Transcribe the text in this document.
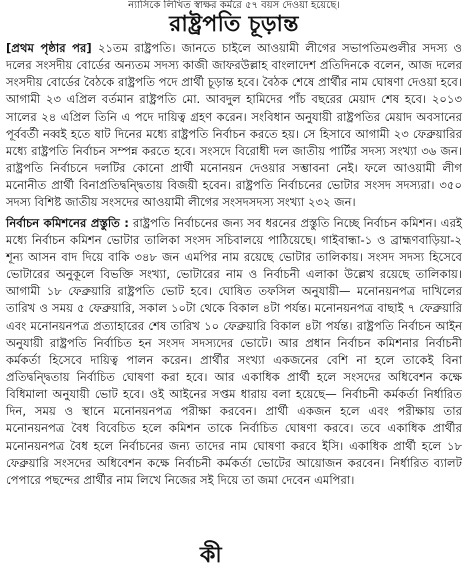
ন্যাসিকে লিখিত স্বাক্ষর কর্মরে ৫৭ বয়স দেওয়া হয়েছে।
রাষ্ট্রপতি চূড়ান্ত

[প্রথম পৃষ্ঠার পর] ২১তম রাষ্ট্রপতি। জানতে চাইলে আওয়ামী লীগের সভাপতিমণ্ডলীর সদস্য ও দলের সংসদীয় বোর্ডের অন্যতম সদস্য কাজী জাফরউল্লাহ বাংলাদেশ প্রতিদিনকে বলেন, আজ দলের সংসদীয় বোর্ডের বৈঠকে রাষ্ট্রপতি পদে প্রার্থী চূড়ান্ত হবে। বৈঠক শেষে প্রার্থীর নাম ঘোষণা দেওয়া হবে। আগামী ২৩ এপ্রিল বর্তমান রাষ্ট্রপতি মো. আবদুল হামিদের পাঁচ বছরের মেয়াদ শেষ হবে। ২০১৩ সালের ২৪ এপ্রিল তিনি এ পদে দায়িত্ব গ্রহণ করেন। সংবিধান অনুযায়ী রাষ্ট্রপতির মেয়াদ অবসানের পূর্ববর্তী নব্বই হতে ষাট দিনের মধ্যে রাষ্ট্রপতি নির্বাচন করতে হয়। সে হিসাবে আগামী ২৩ ফেব্রুয়ারির মধ্যে রাষ্ট্রপতি নির্বাচন সম্পন্ন করতে হবে। সংসদে বিরোধী দল জাতীয় পার্টির সদস্য সংখ্যা ৩৬ জন। রাষ্ট্রপতি নির্বাচনে দলটির কোনো প্রার্থী মনোনয়ন দেওয়ার সম্ভাবনা নেই। ফলে আওয়ামী লীগ মনোনীত প্রার্থী বিনাপ্রতিদ্বন্দ্বিতায় বিজয়ী হবেন। রাষ্ট্রপতি নির্বাচনের ভোটার সংসদ সদস্যরা। ৩৫০ সদস্য বিশিষ্ট জাতীয় সংসদের আওয়ামী লীগের সংসদসদস্য সংখ্যা ২৩২ জন।

নির্বাচন কমিশনের প্রস্তুতি : রাষ্ট্রপতি নির্বাচনের জন্য সব ধরনের প্রস্তুতি নিচ্ছে নির্বাচন কমিশন। এরই মধ্যে নির্বাচন কমিশন ভোটার তালিকা সংসদ সচিবালয়ে পাঠিয়েছে। গাইবান্ধা-১ ও ব্রাহ্মণবাড়িয়া-২ শূন্য আসন বাদ দিয়ে বাকি ৩৪৮ জন এমপির নাম রয়েছে ভোটার তালিকায়। সংসদ সদস্য হিসেবে ভোটারের অনুকূলে বিভক্তি সংখ্যা, ভোটারের নাম ও নির্বাচনী এলাকা উল্লেখ রয়েছে তালিকায়। আগামী ১৮ ফেব্রুয়ারি রাষ্ট্রপতি ভোট হবে। ঘোষিত তফসিল অনুযায়ী— মনোনয়নপত্র দাখিলের তারিখ ও সময় ৫ ফেব্রুয়ারি, সকাল ১০টা থেকে বিকাল ৪টা পর্যন্ত। মনোনয়নপত্র বাছাই ৭ ফেব্রুয়ারি এবং মনোনয়নপত্র প্রত্যাহারের শেষ তারিখ ১০ ফেব্রুয়ারি বিকাল ৪টা পর্যন্ত। রাষ্ট্রপতি নির্বাচন আইন অনুযায়ী রাষ্ট্রপতি নির্বাচিত হন সংসদ সদস্যদের ভোটে। আর প্রধান নির্বাচন কমিশনার নির্বাচনী কর্মকর্তা হিসেবে দায়িত্ব পালন করেন। প্রার্থীর সংখ্যা একজনের বেশি না হলে তাকেই বিনা প্রতিদ্বন্দ্বিতায় নির্বাচিত ঘোষণা করা হবে। আর একাধিক প্রার্থী হলে সংসদের অধিবেশন কক্ষে বিধিমালা অনুযায়ী ভোট হবে। ওই আইনের সপ্তম ধারায় বলা হয়েছে— নির্বাচনী কর্মকর্তা নির্ধারিত দিন, সময় ও স্থানে মনোনয়নপত্র পরীক্ষা করবেন। প্রার্থী একজন হলে এবং পরীক্ষায় তার মনোনয়নপত্র বৈধ বিবেচিত হলে কমিশন তাকে নির্বাচিত ঘোষণা করবে। তবে একাধিক প্রার্থীর মনোনয়নপত্র বৈধ হলে নির্বাচনের জন্য তাদের নাম ঘোষণা করবে ইসি। একাধিক প্রার্থী হলে ১৮ ফেব্রুয়ারি সংসদের অধিবেশন কক্ষে নির্বাচনী কর্মকর্তা ভোটের আয়োজন করবেন। নির্ধারিত ব্যালট পেপারে পছন্দের প্রার্থীর নাম লিখে নিজের সই দিয়ে তা জমা দেবেন এমপিরা।

কী
